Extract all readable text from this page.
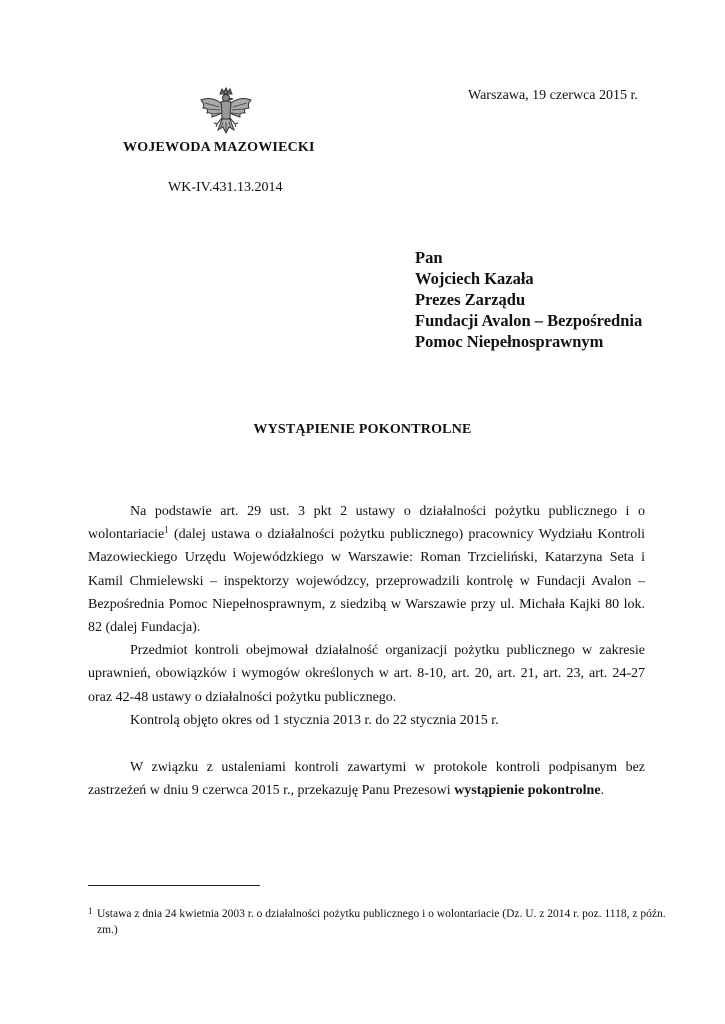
WOJEWODA MAZOWIECKI
Warszawa, 19 czerwca 2015 r.
WK-IV.431.13.2014
Pan
Wojciech Kazała
Prezes Zarządu
Fundacji Avalon – Bezpośrednia
Pomoc Niepełnosprawnym
WYSTĄPIENIE POKONTROLNE

Na podstawie art. 29 ust. 3 pkt 2 ustawy o działalności pożytku publicznego i o wolontariacie$^1$ (dalej ustawa o działalności pożytku publicznego) pracownicy Wydziału Kontroli Mazowieckiego Urzędu Wojewódzkiego w Warszawie: Roman Trzcieliński, Katarzyna Seta i Kamil Chmielewski – inspektorzy wojewódzcy, przeprowadzili kontrolę w Fundacji Avalon – Bezpośrednia Pomoc Niepełnosprawnym, z siedzibą w Warszawie przy ul. Michała Kajki 80 lok. 82 (dalej Fundacja).

Przedmiot kontroli obejmował działalność organizacji pożytku publicznego w zakresie uprawnień, obowiązków i wymogów określonych w art. 8-10, art. 20, art. 21, art. 23, art. 24-27 oraz 42-48 ustawy o działalności pożytku publicznego.

Kontrolą objęto okres od 1 stycznia 2013 r. do 22 stycznia 2015 r.

W związku z ustaleniami kontroli zawartymi w protokole kontroli podpisanym bez zastrzeżeń w dniu 9 czerwca 2015 r., przekazuję Panu Prezesowi wystąpienie pokontrolne.

1 Ustawa z dnia 24 kwietnia 2003 r. o działalności pożytku publicznego i o wolontariacie (Dz. U. z 2014 r. poz. 1118, z późn. zm.)
